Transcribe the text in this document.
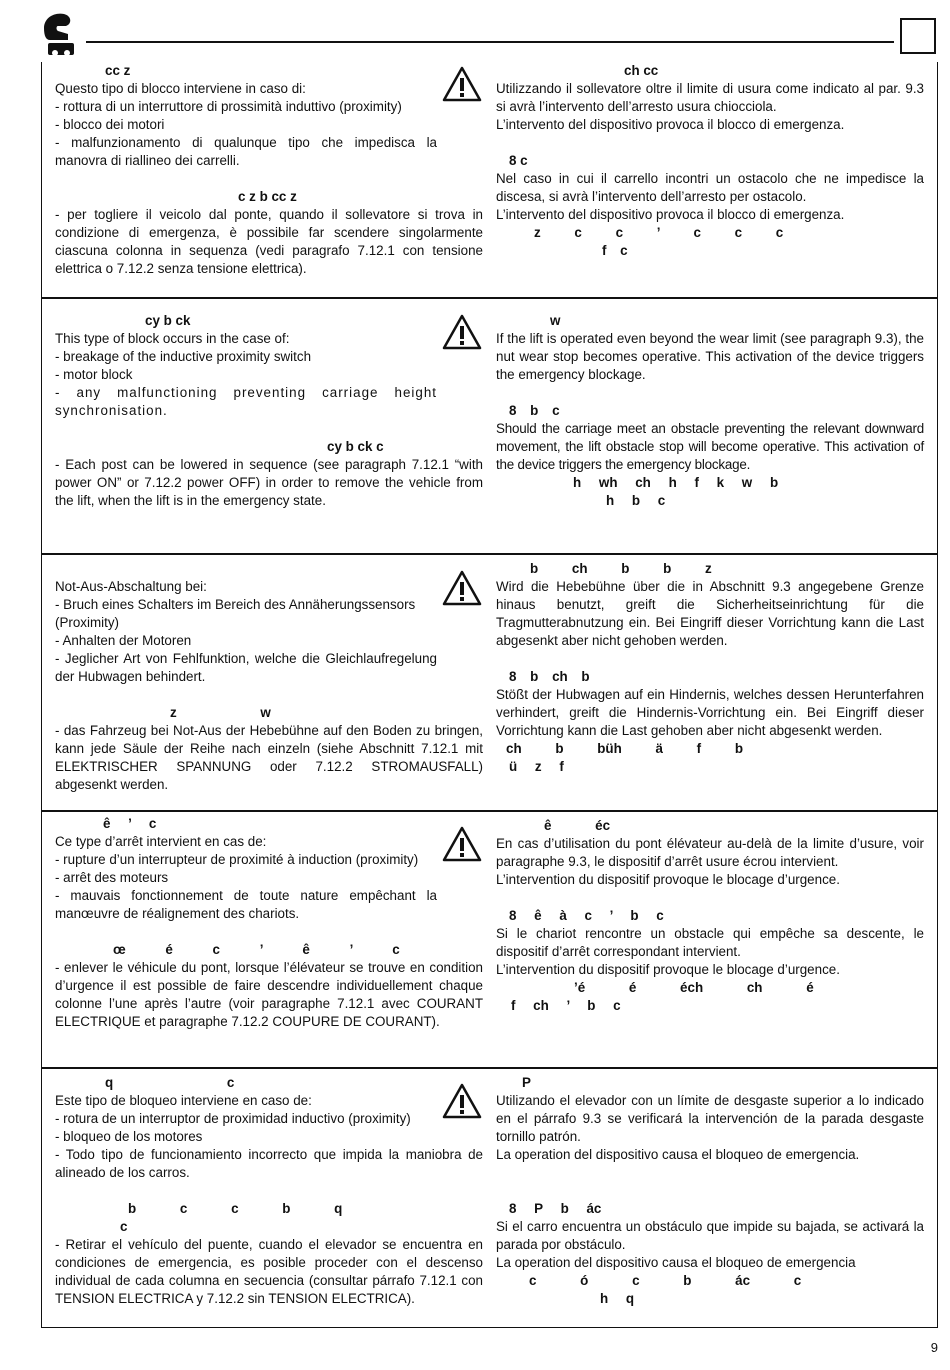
cc z

Questo tipo di blocco interviene in caso di:

- rottura di un interruttore di prossimità induttivo (proximity)

- blocco dei motori

- malfunzionamento di qualunque tipo che impedisca la manovra di riallineo dei carrelli.

c z b cc z

- per togliere il veicolo dal ponte, quando il sollevatore si trova in condizione di emergenza, è possibile far scendere singolarmente ciascuna colonna in sequenza (vedi paragrafo 7.12.1 con tensione elettrica o 7.12.2 senza tensione elettrica).

ch cc

Utilizzando il sollevatore oltre il limite di usura come indicato al par. 9.3 si avrà l’intervento dell’arresto usura chiocciola.

L’intervento del dispositivo provoca il blocco di emergenza.

8 c

Nel caso in cui il carrello incontri un ostacolo che ne impedisce la discesa, si avrà l’intervento dell’arresto per ostacolo.

L’intervento del dispositivo provoca il blocco di emergenza.

z c c ’ c c c

f c

cy b ck

This type of block occurs in the case of:

- breakage of the inductive proximity switch

- motor block

- any malfunctioning preventing carriage height synchronisation.

cy b ck c

- Each post can be lowered in sequence (see paragraph 7.12.1 “with power ON” or 7.12.2 power OFF) in order to remove the vehicle from the lift, when the lift is in the emergency state.

w

If the lift is operated even beyond the wear limit (see paragraph 9.3), the nut wear stop becomes operative. This activation of the device triggers the emergency blockage.

8 b c

Should the carriage meet an obstacle preventing the relevant downward movement, the lift obstacle stop will become operative. This activation of the device triggers the emergency blockage.

h wh ch h f k w b

h b c

Not-Aus-Abschaltung bei:

- Bruch eines Schalters im Bereich des Annäherungssensors (Proximity)

- Anhalten der Motoren

- Jeglicher Art von Fehlfunktion, welche die Gleichlaufregelung der Hubwagen behindert.

z w

- das Fahrzeug bei Not-Aus der Hebebühne auf den Boden zu bringen, kann jede Säule der Reihe nach einzeln (siehe Abschnitt 7.12.1 mit ELEKTRISCHER SPANNUNG oder 7.12.2 STROMAUSFALL) abgesenkt werden.

b ch b b z

Wird die Hebebühne über die in Abschnitt 9.3 angegebene Grenze hinaus benutzt, greift die Sicherheitseinrichtung für die Tragmutterabnutzung ein. Bei Eingriff dieser Vorrichtung kann die Last abgesenkt aber nicht gehoben werden.

8 b ch b

Stößt der Hubwagen auf ein Hindernis, welches dessen Herunterfahren verhindert, greift die Hindernis-Vorrichtung ein. Bei Eingriff dieser Vorrichtung kann die Last gehoben aber nicht abgesenkt werden.

ch b büh ä f b

ü z f

ê ’ c

Ce type d’arrêt intervient en cas de:

- rupture d’un interrupteur de proximité à induction (proximity)

- arrêt des moteurs

- mauvais fonctionnement de toute nature empêchant la manœuvre de réalignement des chariots.

œ é c ’ ê ’ c

- enlever le véhicule du pont, lorsque l’élévateur se trouve en condition d’urgence il est possible de faire descendre individuellement chaque colonne l’une après l’autre (voir paragraphe 7.12.1 avec COURANT ELECTRIQUE et paragraphe 7.12.2 COUPURE DE COURANT).

ê éc

En cas d’utilisation du pont élévateur au-delà de la limite d’usure, voir paragraphe 9.3, le dispositif d’arrêt usure écrou intervient.

L’intervention du dispositif provoque le blocage d’urgence.

8 ê à c ’ b c

Si le chariot rencontre un obstacle qui empêche sa descente, le dispositif d’arrêt correspondant intervient.

L’intervention du dispositif provoque le blocage d’urgence.

’é é éch ch é

f ch ’ b c

q c

Este tipo de bloqueo interviene en caso de:

- rotura de un interruptor de proximidad inductivo (proximity)

- bloqueo de los motores

- Todo tipo de funcionamiento incorrecto que impida la maniobra de alineado de los carros.

b c c b q

c

- Retirar el vehículo del puente, cuando el elevador se encuentra en condiciones de emergencia, es posible proceder con el descenso individual de cada columna en secuencia (consultar párrafo 7.12.1 con TENSION ELECTRICA y 7.12.2 sin TENSION ELECTRICA).

P

Utilizando el elevador con un límite de desgaste superior a lo indicado en el párrafo 9.3 se verificará la intervención de la parada desgaste tornillo patrón.

La operation del dispositivo causa el bloqueo de emergencia.

8 P b ác

Si el carro encuentra un obstáculo que impide su bajada, se activará la parada por obstáculo.

La operation del dispositivo causa el bloqueo de emergencia

c ó c b ác c

h q

9
